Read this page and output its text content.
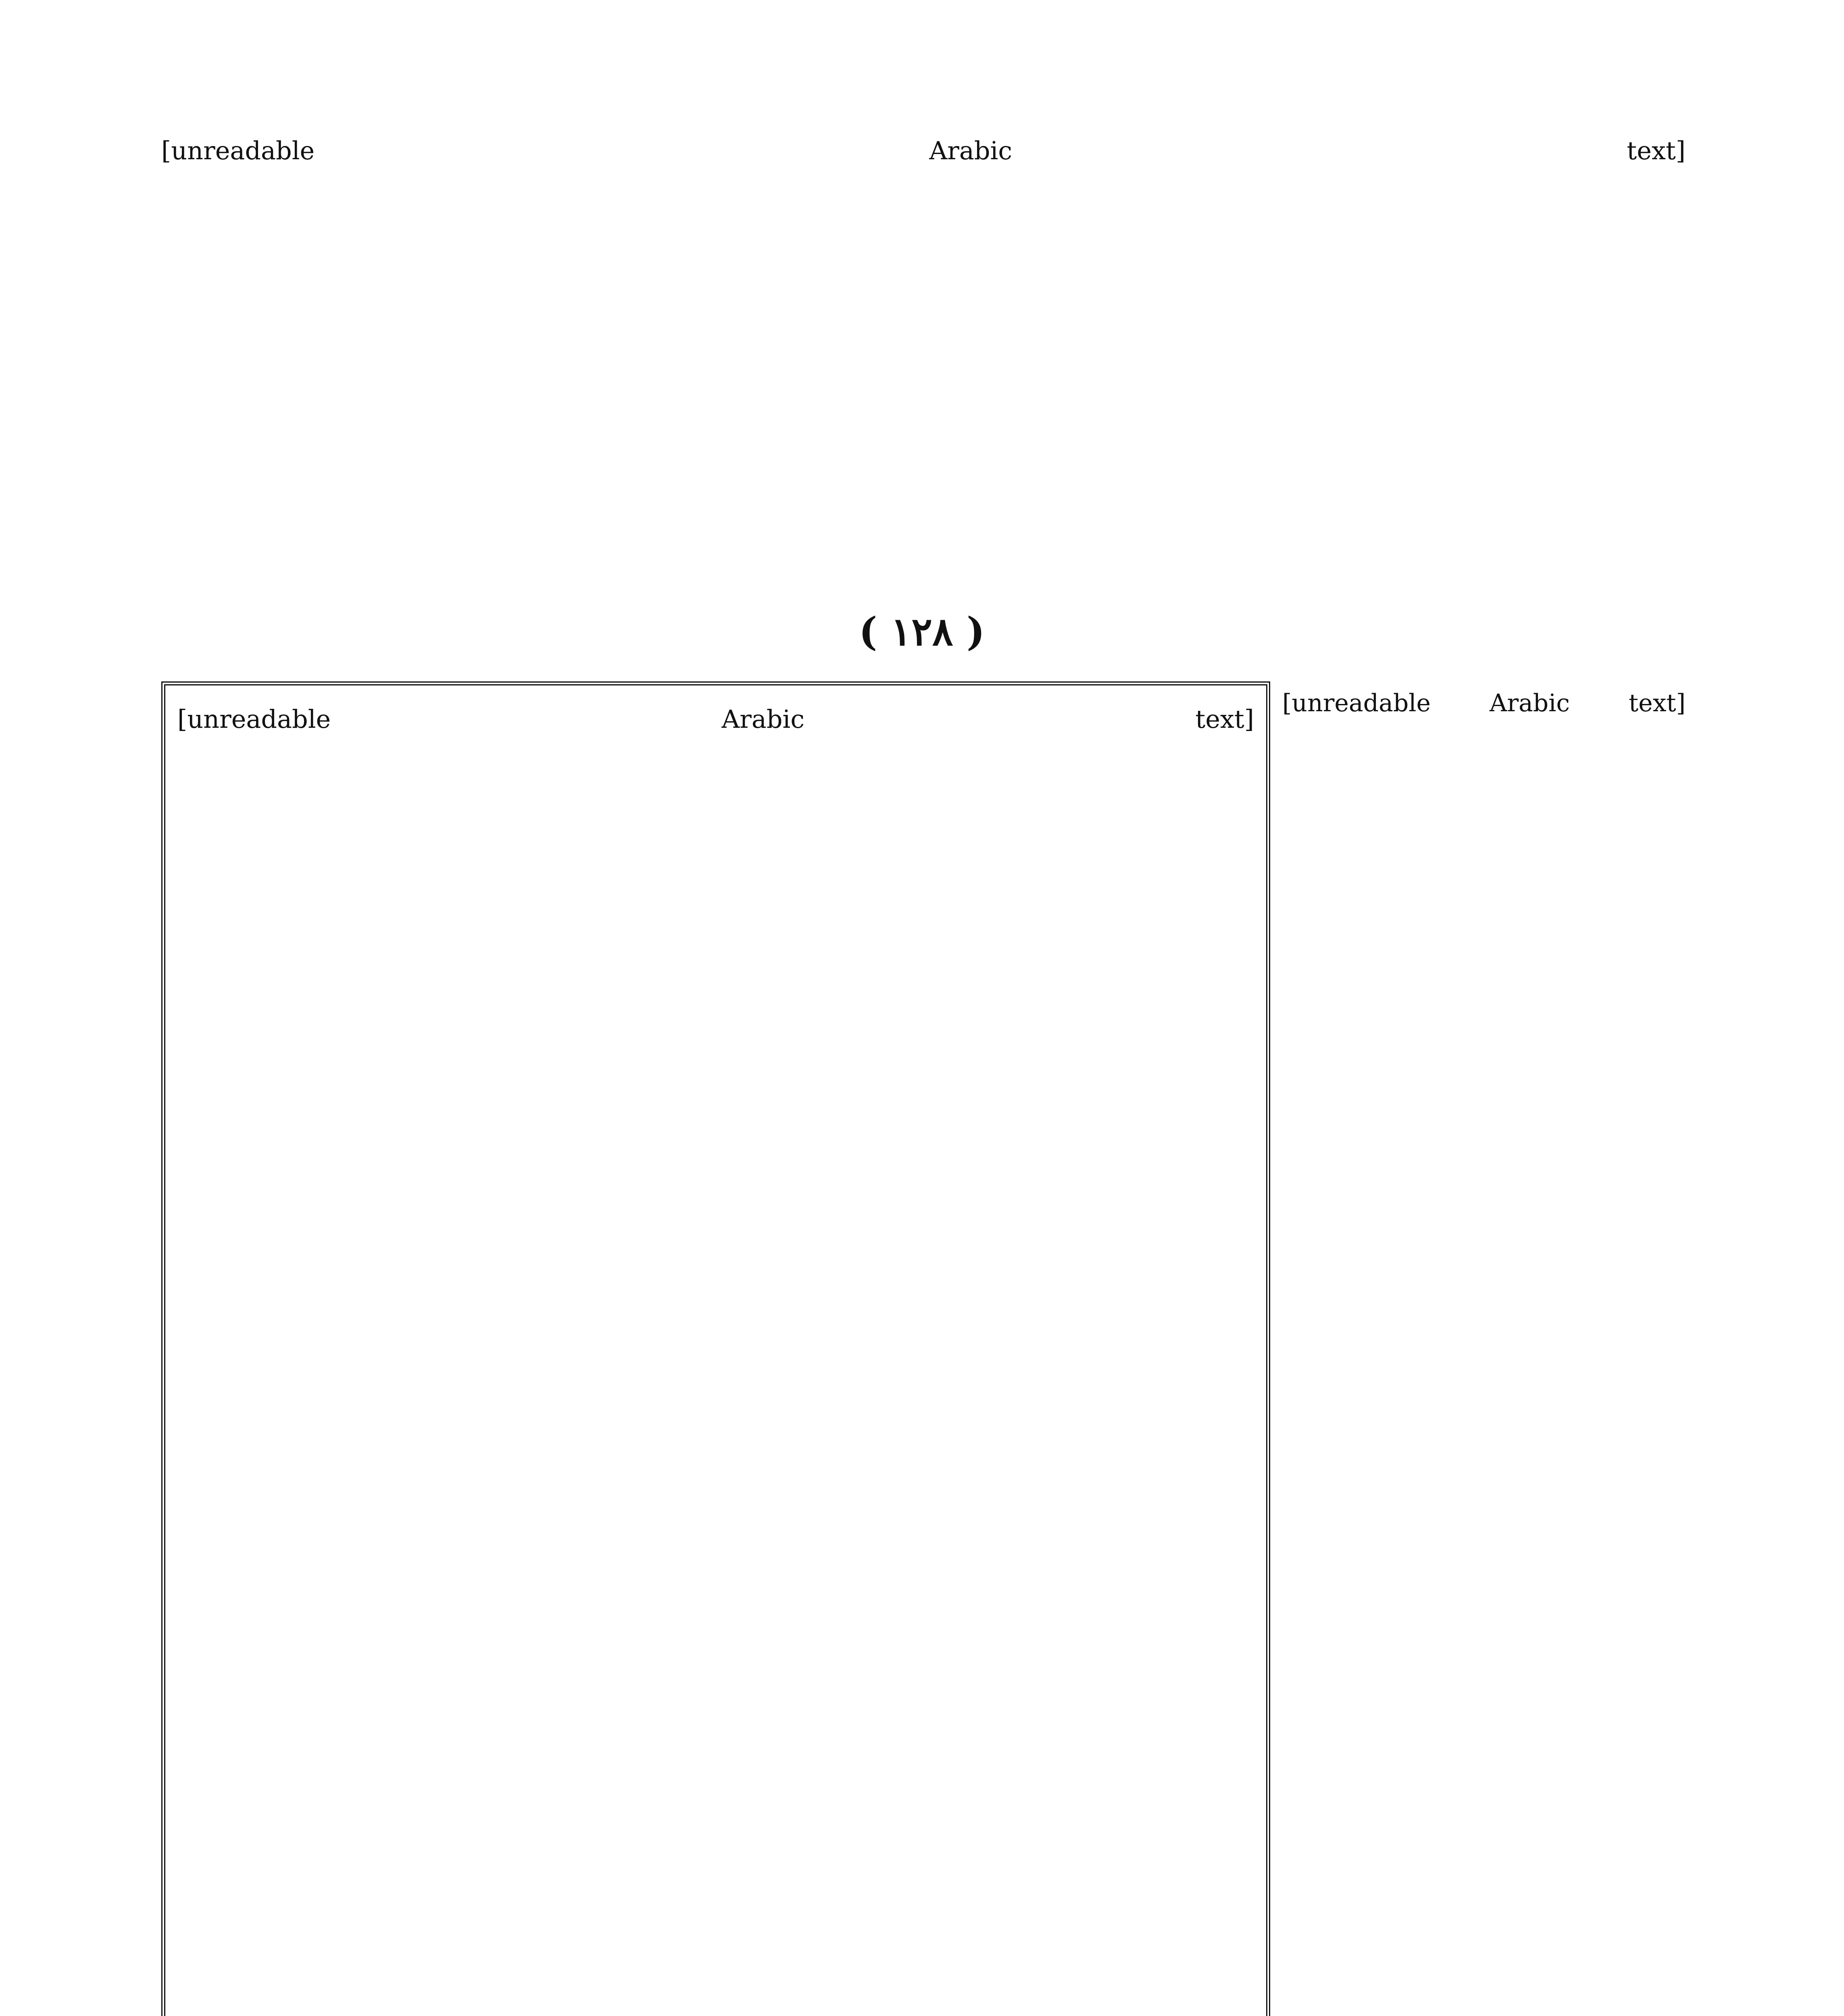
[unreadable Arabic text]
( ١٢٨ )
[unreadable Arabic text]
[unreadable Arabic text]
